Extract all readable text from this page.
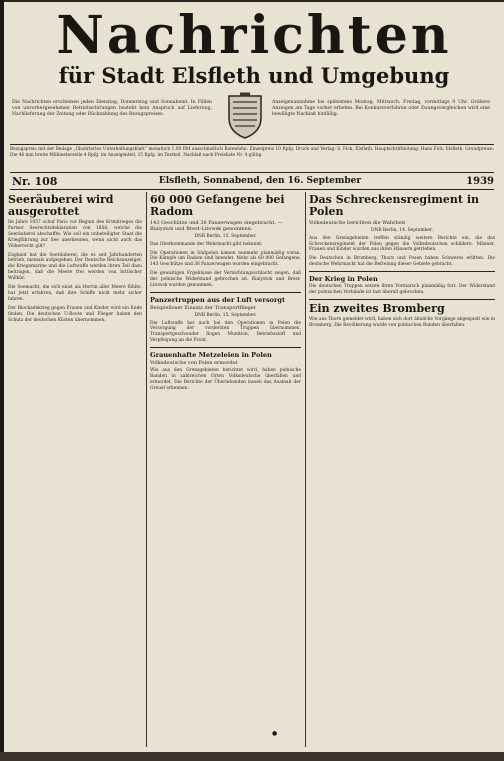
Nachrichten
für Stadt Elsfleth und Umgebung
Die Nachrichten erscheinen jeden Dienstag, Donnerstag und Sonnabend. In Fällen von unvorhergesehenen Betriebsstörungen besteht kein Anspruch auf Lieferung, Nachlieferung der Zeitung oder Rückzahlung des Bezugspreises.
Anzeigenannahme bis spätestens Montag, Mittwoch, Freitag, vormittags 9 Uhr. Größere Anzeigen am Tage vorher erbeten. Bei Konkursverfahren oder Zwangsvergleichen wird eine bewilligte Nachlaß hinfällig.
Bezugspreis mit der Beilage „Illustriertes Unterhaltungsblatt“ monatlich 1.00 RM ausschließlich Botenlohn. Einzelpreis 10 Rpfg. Druck und Verlag: S. Fick, Elsfleth. Hauptschriftleitung: Hans Fick, Elsfleth. Grundpreise: Die 46 mm breite Millimeterzeile 4 Rpfg. im Anzeigenteil, 15 Rpfg. im Textteil. Nachlaß nach Preisliste Nr. 4 gültig.
Nr. 108	Elsfleth, Sonnabend, den 16. September	1939
Seeräuberei wird ausgerottet

Im Jahre 1857 schuf Paris vor Beginn des Krimkrieges die Pariser Seerechtsdeklaration von 1856, welche die Seeräuberei abschaffte. Wie soll ein unbeteiligter Staat die Kriegführung zur See anerkennen, wenn nicht auch das Völkerrecht gilt?

England hat die Seeräuberei, die es seit Jahrhunderten betrieb, niemals aufgegeben. Der Deutsche Reichsanzeiger, die Kriegsmarine und die Luftwaffe werden ihren Teil dazu beitragen, daß die Meere frei werden von britischer Willkür.

Die Seemacht, die sich einst als Herrin aller Meere fühlte, hat jetzt erfahren, daß ihre Schiffe nicht mehr sicher fahren.

Der Blockadekrieg gegen Frauen und Kinder wird ein Ende finden. Die deutschen U-Boote und Flieger haben den Schutz der deutschen Küsten übernommen.

60 000 Gefangene bei Radom
143 Geschütze und 38 Panzerwagen eingebracht. — Bialystok und Brest-Litowsk genommen.
DNB Berlin, 15. September.

Das Oberkommando der Wehrmacht gibt bekannt:

Die Operationen in Südpolen kamen nunmehr planmäßig voran. Die Kämpfe um Radom sind beendet. Mehr als 60 000 Gefangene, 143 Geschütze und 38 Panzerwagen wurden eingebracht.

Die gewaltigen Ergebnisse der Vernichtungsschlacht zeigen, daß der polnische Widerstand gebrochen ist. Bialystok und Brest-Litowsk wurden genommen.

Panzertruppen aus der Luft versorgt
Beispielloser Einsatz der Transportflieger
DNB Berlin, 15. September.

Die Luftwaffe hat auch bei den Operationen in Polen die Versorgung der vordersten Truppen übernommen. Transportgeschwader flogen Munition, Betriebsstoff und Verpflegung an die Front.

Grauenhafte Metzeleien in Polen
Volksdeutsche von Polen ermordet

Wie aus den Grenzgebieten berichtet wird, haben polnische Banden in zahlreichen Orten Volksdeutsche überfallen und ermordet. Die Berichte der Überlebenden lassen das Ausmaß der Greuel erkennen.

Das Schreckensregiment in Polen
Volksdeutsche berichten die Wahrheit
DNB Berlin, 14. September.

Aus den Grenzgebieten treffen ständig weitere Berichte ein, die das Schreckensregiment der Polen gegen die Volksdeutschen schildern. Männer, Frauen und Kinder wurden aus ihren Häusern getrieben.

Die Deutschen in Bromberg, Thorn und Posen haben Schweres erlitten. Die deutsche Wehrmacht hat die Befreiung dieser Gebiete gebracht.

Der Krieg in Polen

Die deutschen Truppen setzen ihren Vormarsch planmäßig fort. Der Widerstand der polnischen Verbände ist fast überall gebrochen.

Ein zweites Bromberg

Wie aus Thorn gemeldet wird, haben sich dort ähnliche Vorgänge abgespielt wie in Bromberg. Die Bevölkerung wurde von polnischen Banden überfallen.

●
